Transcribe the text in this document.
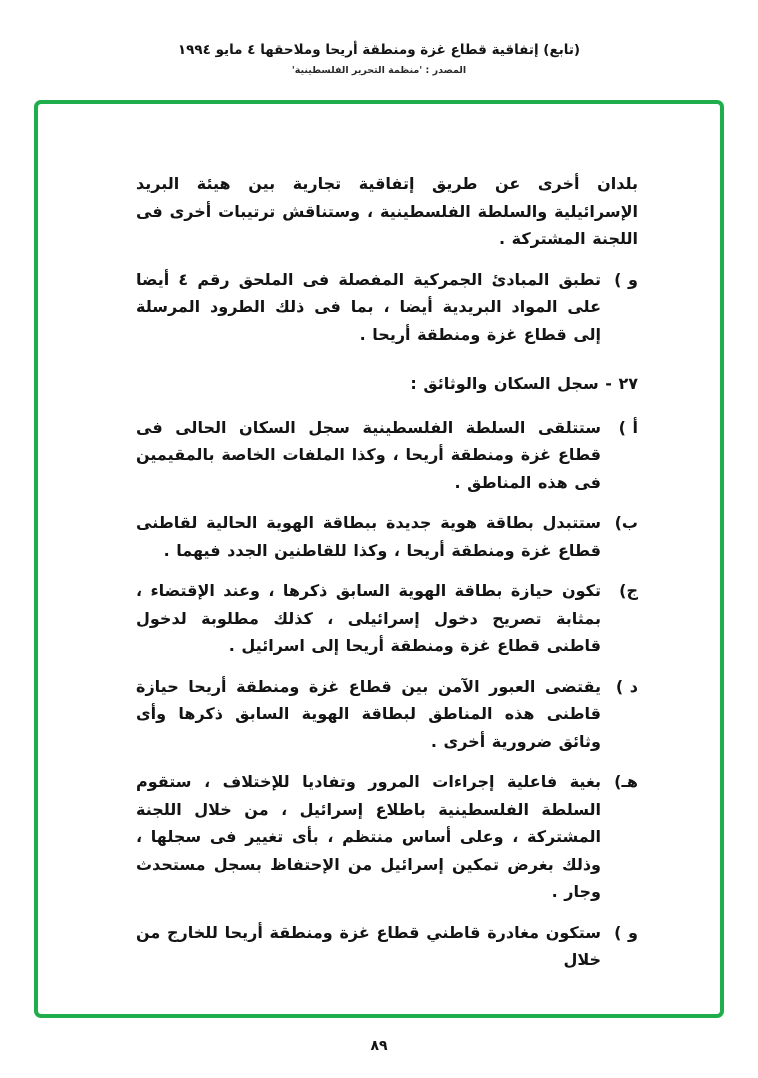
(تابع) إتفاقية قطاع غزة ومنطقة أريحا وملاحقها ٤ مايو ١٩٩٤
المصدر : 'منظمة التحرير الفلسطينية'

بلدان أخرى عن طريق إتفاقية تجارية بين هيئة البريد الإسرائيلية والسلطة الفلسطينية ، وستناقش ترتيبات أخرى فى اللجنة المشتركة .

و )
تطبق المبادئ الجمركية المفصلة فى الملحق رقم ٤ أيضا على المواد البريدية أيضا ، بما فى ذلك الطرود المرسلة إلى قطاع غزة ومنطقة أريحا .
٢٧ - سجل السكان والوثائق :
أ )
ستتلقى السلطة الفلسطينية سجل السكان الحالى فى قطاع غزة ومنطقة أريحا ، وكذا الملفات الخاصة بالمقيمين فى هذه المناطق .
ب)
ستتبدل بطاقة هوية جديدة ببطاقة الهوية الحالية لقاطنى قطاع غزة ومنطقة أريحا ، وكذا للقاطنين الجدد فيهما .
ج)
تكون حيازة بطاقة الهوية السابق ذكرها ، وعند الإقتضاء ، بمثابة تصريح دخول إسرائيلى ، كذلك مطلوبة لدخول قاطنى قطاع غزة ومنطقة أريحا إلى اسرائيل .
د )
يقتضى العبور الآمن بين قطاع غزة ومنطقة أريحا حيازة قاطنى هذه المناطق لبطاقة الهوية السابق ذكرها وأى وثائق ضرورية أخرى .
هـ)
بغية فاعلية إجراءات المرور وتفاديا للإختلاف ، ستقوم السلطة الفلسطينية باطلاع إسرائيل ، من خلال اللجنة المشتركة ، وعلى أساس منتظم ، بأى تغيير فى سجلها ، وذلك بغرض تمكين إسرائيل من الإحتفاظ بسجل مستحدث وجار .
و )
ستكون مغادرة قاطني قطاع غزة ومنطقة أريحا للخارج من خلال
٨٩
